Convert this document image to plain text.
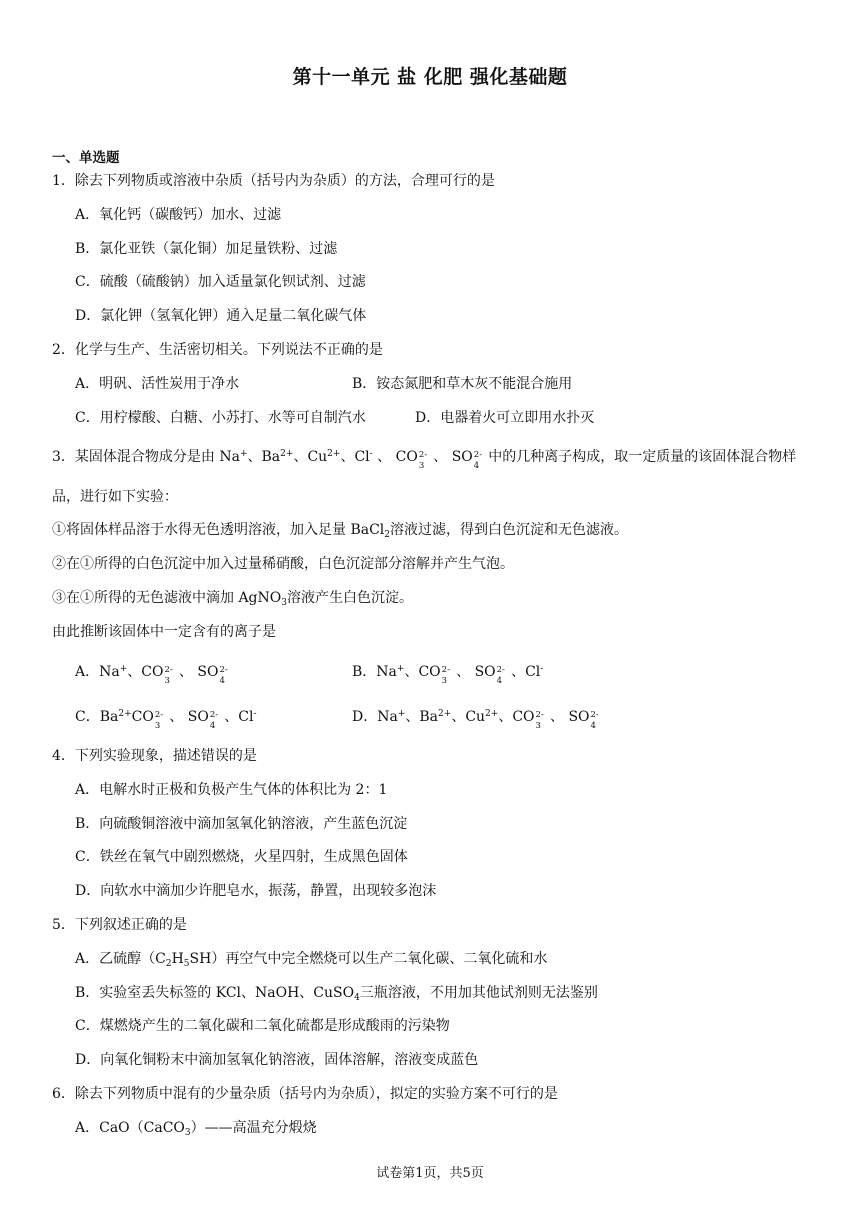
第十一单元 盐 化肥 强化基础题
一、单选题
1．除去下列物质或溶液中杂质（括号内为杂质）的方法，合理可行的是
A．氧化钙（碳酸钙）加水、过滤
B．氯化亚铁（氯化铜）加足量铁粉、过滤
C．硫酸（硫酸钠）加入适量氯化钡试剂、过滤
D．氯化钾（氢氧化钾）通入足量二氧化碳气体
2．化学与生产、生活密切相关。下列说法不正确的是
A．明矾、活性炭用于净水	B．铵态氮肥和草木灰不能混合施用
C．用柠檬酸、白糖、小苏打、水等可自制汽水	D．电器着火可立即用水扑灭
3．某固体混合物成分是由 Na+、$Ba^{2+}$、$Cu^{2+}$、Cl- 、 CO 2-
3
、 SO 2-
4
中的几种离子构成，取一定质量的该固体混合物样
品，进行如下实验：
①将固体样品溶于水得无色透明溶液，加入足量 BaCl$_2$溶液过滤，得到白色沉淀和无色滤液。
②在①所得的白色沉淀中加入过量稀硝酸，白色沉淀部分溶解并产生气泡。
③在①所得的无色滤液中滴加 AgNO$_3$溶液产生白色沉淀。
由此推断该固体中一定含有的离子是
A．Na+、CO 2-
3
、 SO 2-
4
B．Na+、CO 2-
3
、 SO 2-
4
、Cl-
C．$Ba^{2+}CO$ 2-
3
、 SO 2-
4
、Cl-	D．Na+、$Ba^{2+}$、$Cu^{2+}$、CO 2-
3
、 SO 2-
4
4．下列实验现象，描述错误的是
A．电解水时正极和负极产生气体的体积比为 2：1
B．向硫酸铜溶液中滴加氢氧化钠溶液，产生蓝色沉淀
C．铁丝在氧气中剧烈燃烧，火星四射，生成黑色固体
D．向软水中滴加少许肥皂水，振荡，静置，出现较多泡沫
5．下列叙述正确的是
A．乙硫醇$(C_2H_5SH)$再空气中完全燃烧可以生产二氧化碳、二氧化硫和水
B．实验室丢失标签的 KCl、NaOH、CuSO$_4$三瓶溶液，不用加其他试剂则无法鉴别
C．煤燃烧产生的二氧化碳和二氧化硫都是形成酸雨的污染物
D．向氧化铜粉末中滴加氢氧化钠溶液，固体溶解，溶液变成蓝色
6．除去下列物质中混有的少量杂质（括号内为杂质），拟定的实验方案不可行的是
A．CaO（CaCO$_3$）——高温充分煅烧
试卷第1页，共5页
